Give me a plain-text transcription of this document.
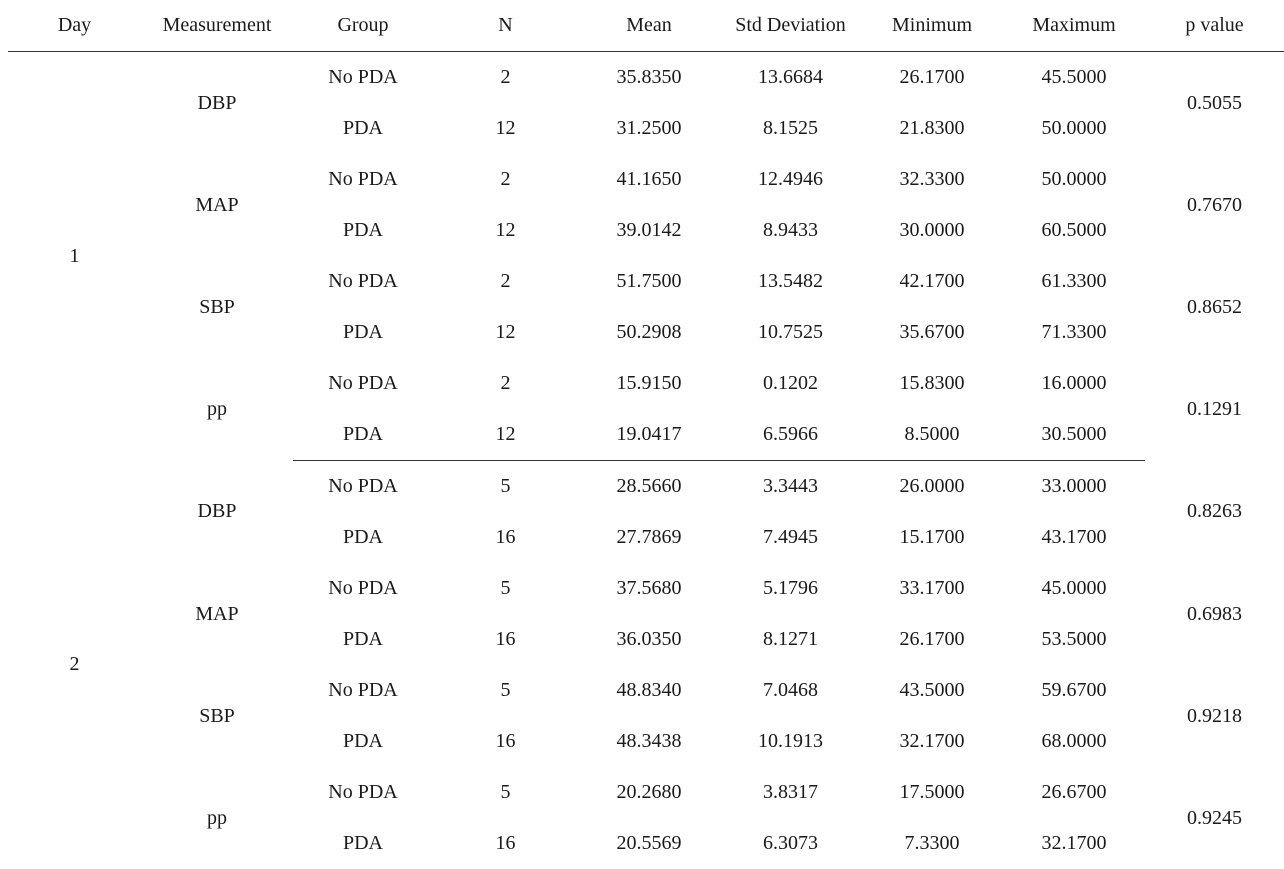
Day	Measurement	Group	N	Mean	Std Deviation	Minimum	Maximum	p value
1	DBP	No PDA	2	35.8350	13.6684	26.1700	45.5000	0.5055
		PDA	12	31.2500	8.1525	21.8300	50.0000	
	MAP	No PDA	2	41.1650	12.4946	32.3300	50.0000	0.7670
		PDA	12	39.0142	8.9433	30.0000	60.5000	
	SBP	No PDA	2	51.7500	13.5482	42.1700	61.3300	0.8652
		PDA	12	50.2908	10.7525	35.6700	71.3300	
	pp	No PDA	2	15.9150	0.1202	15.8300	16.0000	0.1291
		PDA	12	19.0417	6.5966	8.5000	30.5000	
2	DBP	No PDA	5	28.5660	3.3443	26.0000	33.0000	0.8263
		PDA	16	27.7869	7.4945	15.1700	43.1700	
	MAP	No PDA	5	37.5680	5.1796	33.1700	45.0000	0.6983
		PDA	16	36.0350	8.1271	26.1700	53.5000	
	SBP	No PDA	5	48.8340	7.0468	43.5000	59.6700	0.9218
		PDA	16	48.3438	10.1913	32.1700	68.0000	
	pp	No PDA	5	20.2680	3.8317	17.5000	26.6700	0.9245
		PDA	16	20.5569	6.3073	7.3300	32.1700	
